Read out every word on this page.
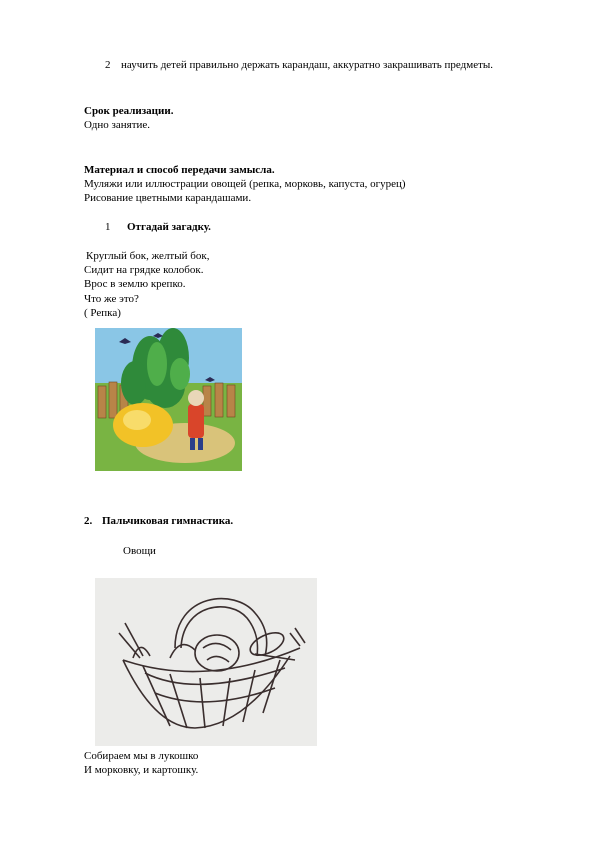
2 научить детей правильно держать карандаш, аккуратно закрашивать предметы.
Срок реализации.
Одно занятие.
Материал и способ передачи замысла.
Муляжи или иллюстрации овощей (репка, морковь, капуста, огурец)
Рисование цветными карандашами.
1 Отгадай загадку.
Круглый бок, желтый бок,
Сидит на грядке колобок.
Врос в землю крепко.
Что же это?
( Репка)
2. Пальчиковая гимнастика.
Овощи
Собираем мы в лукошко
И морковку, и картошку.
